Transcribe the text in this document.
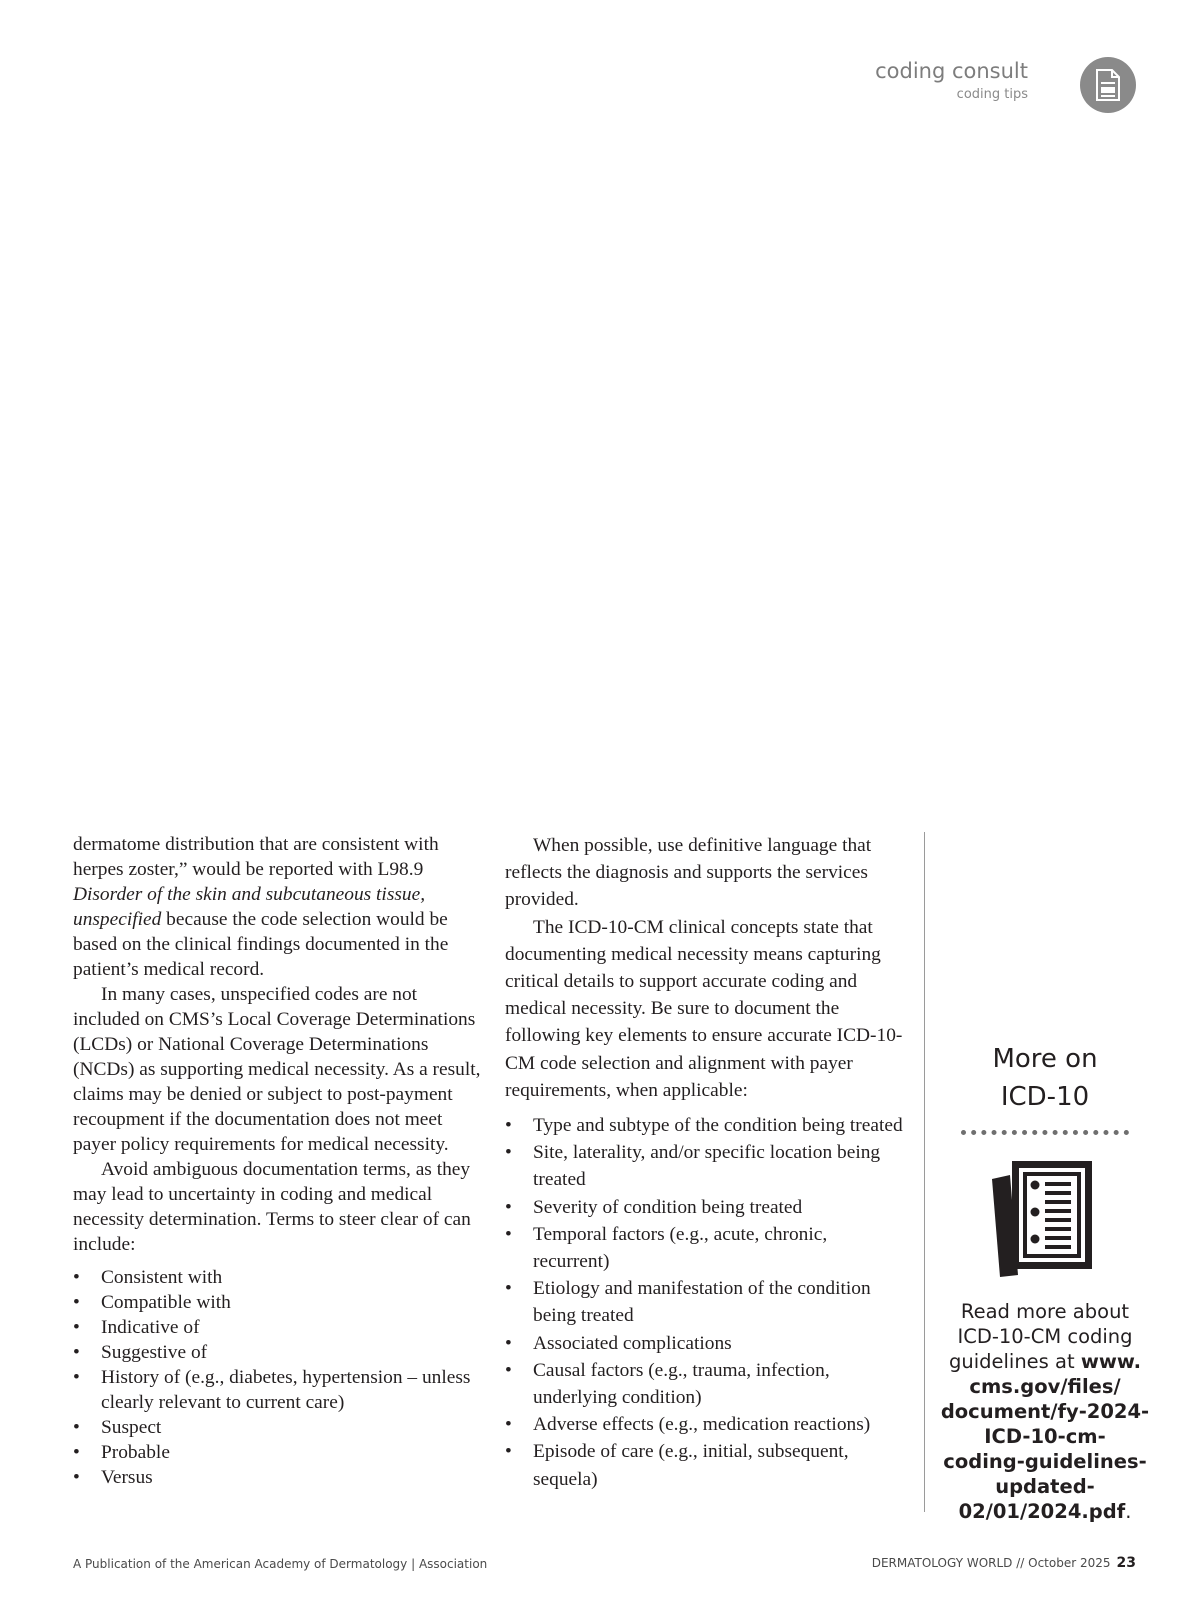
coding consult
coding tips

dermatome distribution that are consistent with herpes zoster,” would be reported with L98.9 Disorder of the skin and subcutaneous tissue, unspecified because the code selection would be based on the clinical findings documented in the patient’s medical record.

In many cases, unspecified codes are not included on CMS’s Local Coverage Determinations (LCDs) or National Coverage Determinations (NCDs) as supporting medical necessity. As a result, claims may be denied or subject to post-payment recoupment if the documentation does not meet payer policy requirements for medical necessity.

Avoid ambiguous documentation terms, as they may lead to uncertainty in coding and medical necessity determination. Terms to steer clear of can include:

• Consistent with
• Compatible with
• Indicative of
• Suggestive of
• History of (e.g., diabetes, hypertension – unless clearly relevant to current care)
• Suspect
• Probable
• Versus

When possible, use definitive language that reflects the diagnosis and supports the services provided.

The ICD-10-CM clinical concepts state that documenting medical necessity means capturing critical details to support accurate coding and medical necessity. Be sure to document the following key elements to ensure accurate ICD-10-CM code selection and alignment with payer requirements, when applicable:

• Type and subtype of the condition being treated
• Site, laterality, and/or specific location being treated
• Severity of condition being treated
• Temporal factors (e.g., acute, chronic, recurrent)
• Etiology and manifestation of the condition being treated
• Associated complications
• Causal factors (e.g., trauma, infection, underlying condition)
• Adverse effects (e.g., medication reactions)
• Episode of care (e.g., initial, subsequent, sequela)
More on
ICD-10
Read more about ICD-10-CM coding guidelines at www.
cms.gov/files/
document/fy-2024-
ICD-10-cm-
coding-guidelines-
updated-
02/01/2024.pdf.
A Publication of the American Academy of Dermatology | Association	DERMATOLOGY WORLD // October 2025 23
